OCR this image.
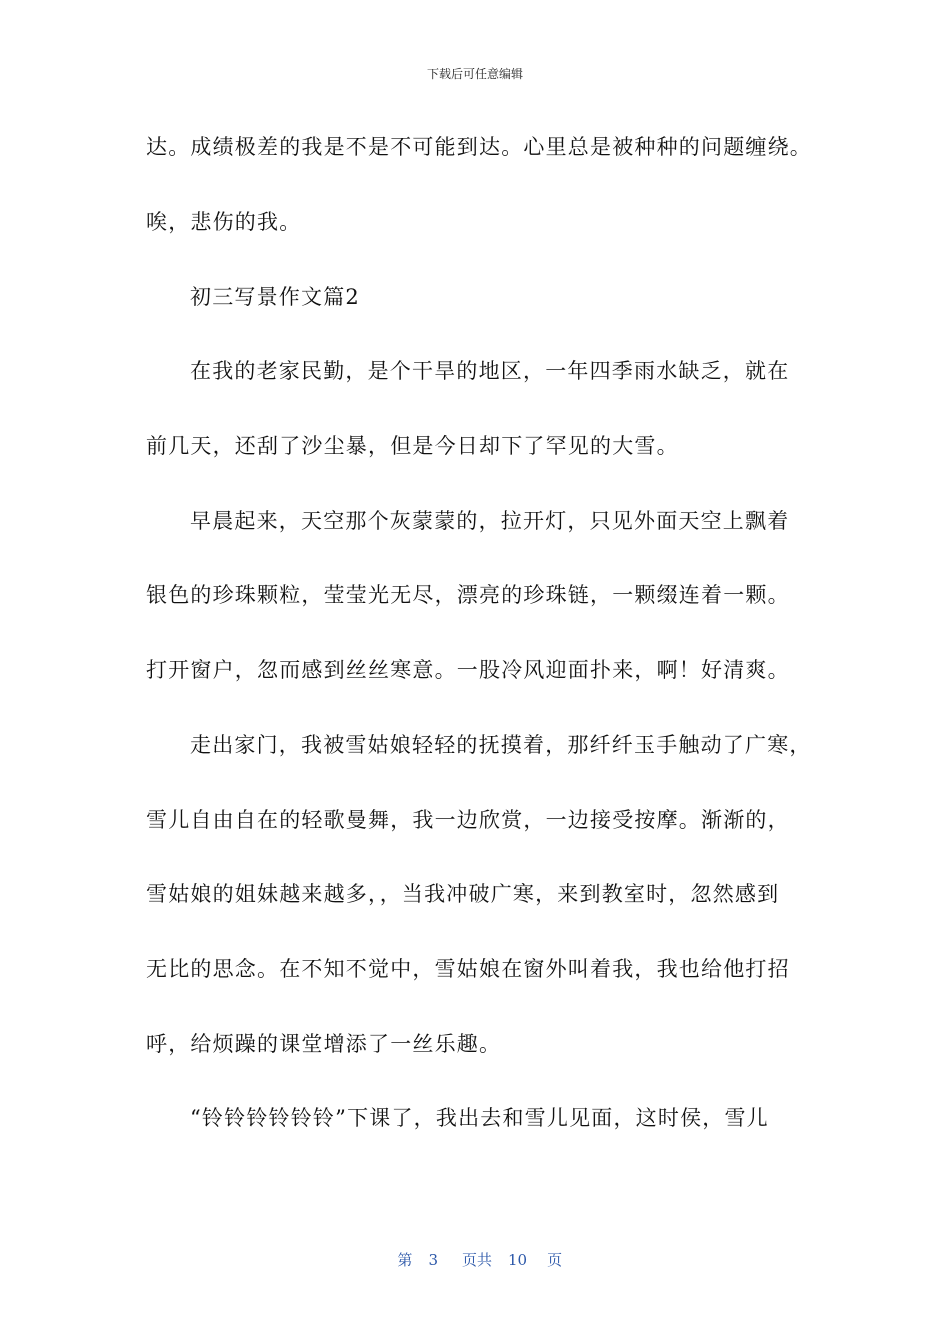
下载后可任意编辑
达。成绩极差的我是不是不可能到达。心里总是被种种的问题缠绕。
唉，悲伤的我。
初三写景作文篇2
在我的老家民勤，是个干旱的地区，一年四季雨水缺乏，就在
前几天，还刮了沙尘暴，但是今日却下了罕见的大雪。
早晨起来，天空那个灰蒙蒙的，拉开灯，只见外面天空上飘着
银色的珍珠颗粒，莹莹光无尽，漂亮的珍珠链，一颗缀连着一颗。
打开窗户，忽而感到丝丝寒意。一股冷风迎面扑来，啊！好清爽。
走出家门，我被雪姑娘轻轻的抚摸着，那纤纤玉手触动了广寒，
雪儿自由自在的轻歌曼舞，我一边欣赏，一边接受按摩。渐渐的，
雪姑娘的姐妹越来越多，，当我冲破广寒，来到教室时，忽然感到
无比的思念。在不知不觉中，雪姑娘在窗外叫着我，我也给他打招
呼，给烦躁的课堂增添了一丝乐趣。
“铃铃铃铃铃铃”下课了，我出去和雪儿见面，这时侯，雪儿

第 3 页共 10 页
